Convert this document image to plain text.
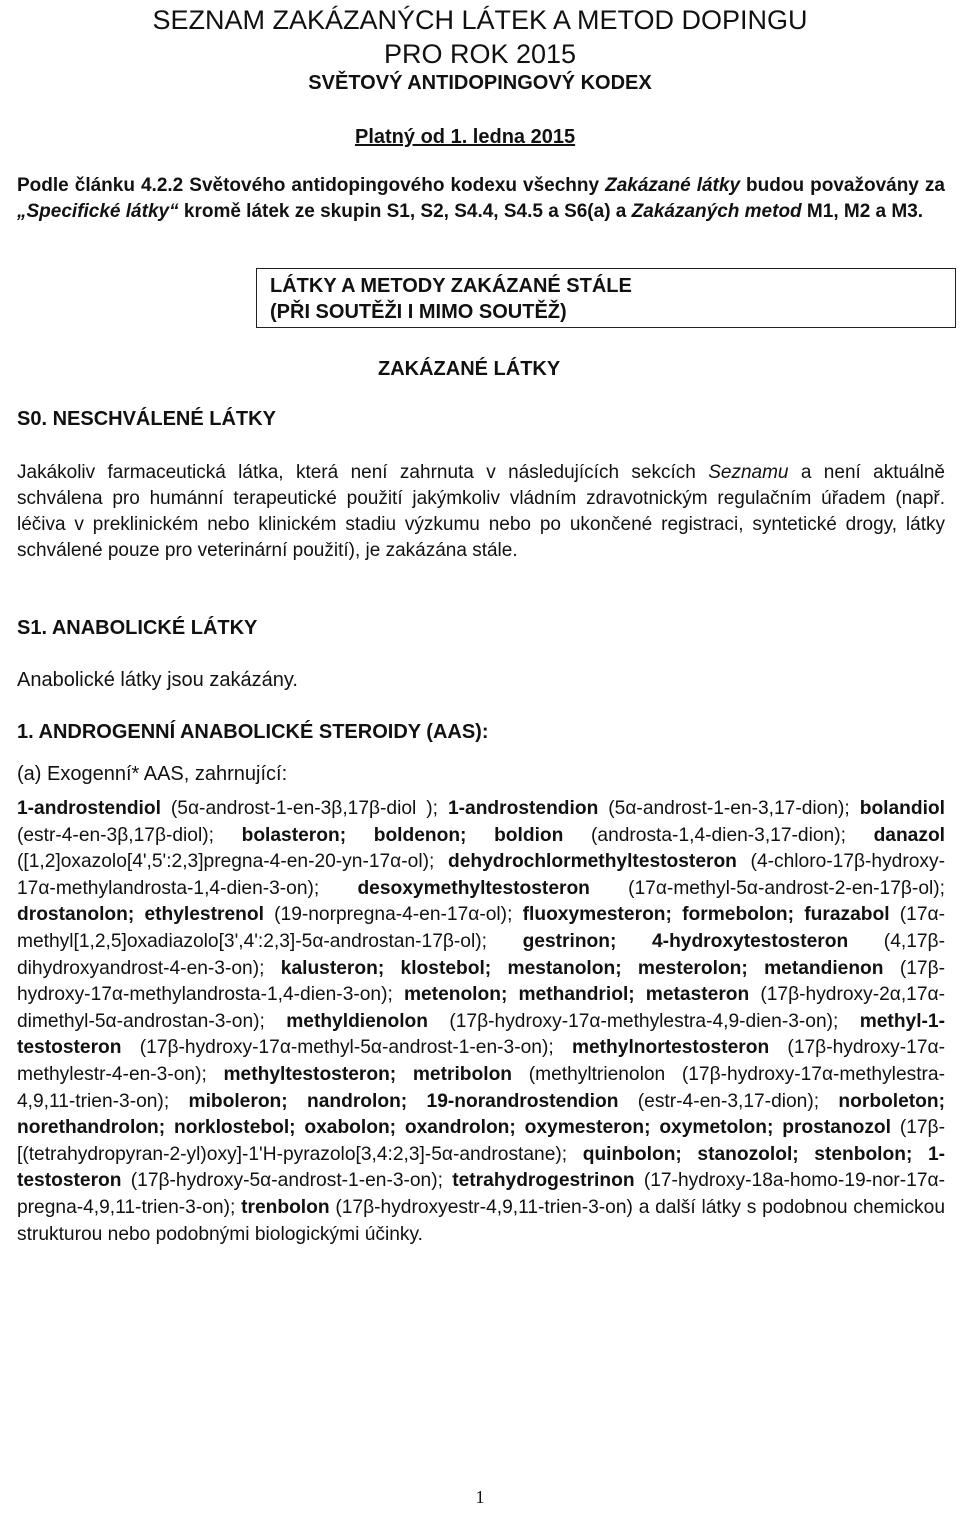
SEZNAM ZAKÁZANÝCH LÁTEK A METOD DOPINGU
PRO ROK 2015
SVĚTOVÝ ANTIDOPINGOVÝ KODEX
Platný od 1. ledna 2015
Podle článku 4.2.2 Světového antidopingového kodexu všechny Zakázané látky budou považovány za „Specifické látky“ kromě látek ze skupin S1, S2, S4.4, S4.5 a S6(a) a Zakázaných metod M1, M2 a M3.
LÁTKY A METODY ZAKÁZANÉ STÁLE
(PŘI SOUTĚŽI I MIMO SOUTĚŽ)
ZAKÁZANÉ LÁTKY
S0. NESCHVÁLENÉ LÁTKY
Jakákoliv farmaceutická látka, která není zahrnuta v následujících sekcích Seznamu a není aktuálně schválena pro humánní terapeutické použití jakýmkoliv vládním zdravotnickým regulačním úřadem (např. léčiva v preklinickém nebo klinickém stadiu výzkumu nebo po ukončené registraci, syntetické drogy, látky schválené pouze pro veterinární použití), je zakázána stále.
S1. ANABOLICKÉ LÁTKY
Anabolické látky jsou zakázány.
1. ANDROGENNÍ ANABOLICKÉ STEROIDY (AAS):
(a) Exogenní* AAS, zahrnující:
1-androstendiol (5α-androst-1-en-3β,17β-diol ); 1-androstendion (5α-androst-1-en-3,17-dion); bolandiol (estr-4-en-3β,17β-diol); bolasteron; boldenon; boldion (androsta-1,4-dien-3,17-dion); danazol ([1,2]oxazolo[4',5':2,3]pregna-4-en-20-yn-17α-ol); dehydrochlormethyltestosteron (4-chloro-17β-hydroxy-17α-methylandrosta-1,4-dien-3-on); desoxymethyltestosteron (17α-methyl-5α-androst-2-en-17β-ol); drostanolon; ethylestrenol (19-norpregna-4-en-17α-ol); fluoxymesteron; formebolon; furazabol (17α-methyl[1,2,5]oxadiazolo[3',4':2,3]-5α-androstan-17β-ol); gestrinon; 4-hydroxytestosteron (4,17β-dihydroxyandrost-4-en-3-on); kalusteron; klostebol; mestanolon; mesterolon; metandienon (17β-hydroxy-17α-methylandrosta-1,4-dien-3-on); metenolon; methandriol; metasteron (17β-hydroxy-2α,17α-dimethyl-5α-androstan-3-on); methyldienolon (17β-hydroxy-17α-methylestra-4,9-dien-3-on); methyl-1-testosteron (17β-hydroxy-17α-methyl-5α-androst-1-en-3-on); methylnortestosteron (17β-hydroxy-17α-methylestr-4-en-3-on); methyltestosteron; metribolon (methyltrienolon (17β-hydroxy-17α-methylestra-4,9,11-trien-3-on); miboleron; nandrolon; 19-norandrostendion (estr-4-en-3,17-dion); norboleton; norethandrolon; norklostebol; oxabolon; oxandrolon; oxymesteron; oxymetolon; prostanozol (17β-[(tetrahydropyran-2-yl)oxy]-1'H-pyrazolo[3,4:2,3]-5α-androstane); quinbolon; stanozolol; stenbolon; 1-testosteron (17β-hydroxy-5α-androst-1-en-3-on); tetrahydrogestrinon (17-hydroxy-18a-homo-19-nor-17α-pregna-4,9,11-trien-3-on); trenbolon (17β-hydroxyestr-4,9,11-trien-3-on) a další látky s podobnou chemickou strukturou nebo podobnými biologickými účinky.
1
